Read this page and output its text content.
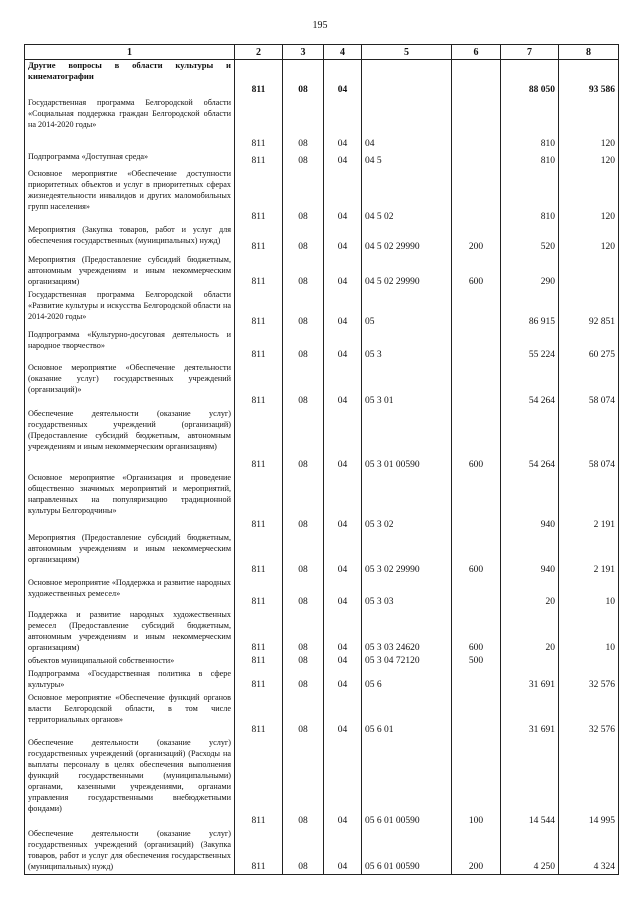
195
1	2	3	4	5	6	7	8
Другие вопросы в области культуры и кинематографии	811	08	04			88 050	93 586
Государственная программа Белгородской области «Социальная поддержка граждан Белгородской области на 2014-2020 годы»	811	08	04	04		810	120
Подпрограмма «Доступная среда»	811	08	04	04 5		810	120
Основное мероприятие «Обеспечение доступности приоритетных объектов и услуг в приоритетных сферах жизнедеятельности инвалидов и других маломобильных групп населения»	811	08	04	04 5 02		810	120
Мероприятия (Закупка товаров, работ и услуг для обеспечения государственных (муниципальных) нужд)	811	08	04	04 5 02 29990	200	520	120
Мероприятия (Предоставление субсидий бюджетным, автономным учреждениям и иным некоммерческим организациям)	811	08	04	04 5 02 29990	600	290	
Государственная программа Белгородской области «Развитие культуры и искусства Белгородской области на 2014-2020 годы»	811	08	04	05		86 915	92 851
Подпрограмма «Культурно-досуговая деятельность и народное творчество»	811	08	04	05 3		55 224	60 275
Основное мероприятие «Обеспечение деятельности (оказание услуг) государственных учреждений (организаций)»	811	08	04	05 3 01		54 264	58 074
Обеспечение деятельности (оказание услуг) государственных учреждений (организаций) (Предоставление субсидий бюджетным, автономным учреждениям и иным некоммерческим организациям)	811	08	04	05 3 01 00590	600	54 264	58 074
Основное мероприятие «Организация и проведение общественно значимых мероприятий и мероприятий, направленных на популяризацию традиционной культуры Белгородчины»	811	08	04	05 3 02		940	2 191
Мероприятия (Предоставление субсидий бюджетным, автономным учреждениям и иным некоммерческим организациям)	811	08	04	05 3 02 29990	600	940	2 191
Основное мероприятие «Поддержка и развитие народных художественных ремесел»	811	08	04	05 3 03		20	10
Поддержка и развитие народных художественных ремесел (Предоставление субсидий бюджетным, автономным учреждениям и иным некоммерческим организациям)	811	08	04	05 3 03 24620	600	20	10
объектов муниципальной собственности»	811	08	04	05 3 04 72120	500		
Подпрограмма «Государственная политика в сфере культуры»	811	08	04	05 6		31 691	32 576
Основное мероприятие «Обеспечение функций органов власти Белгородской области, в том числе территориальных органов»	811	08	04	05 6 01		31 691	32 576
Обеспечение деятельности (оказание услуг) государственных учреждений (организаций) (Расходы на выплаты персоналу в целях обеспечения выполнения функций государственными (муниципальными) органами, казенными учреждениями, органами управления государственными внебюджетными фондами)	811	08	04	05 6 01 00590	100	14 544	14 995
Обеспечение деятельности (оказание услуг) государственных учреждений (организаций) (Закупка товаров, работ и услуг для обеспечения государственных (муниципальных) нужд)	811	08	04	05 6 01 00590	200	4 250	4 324
